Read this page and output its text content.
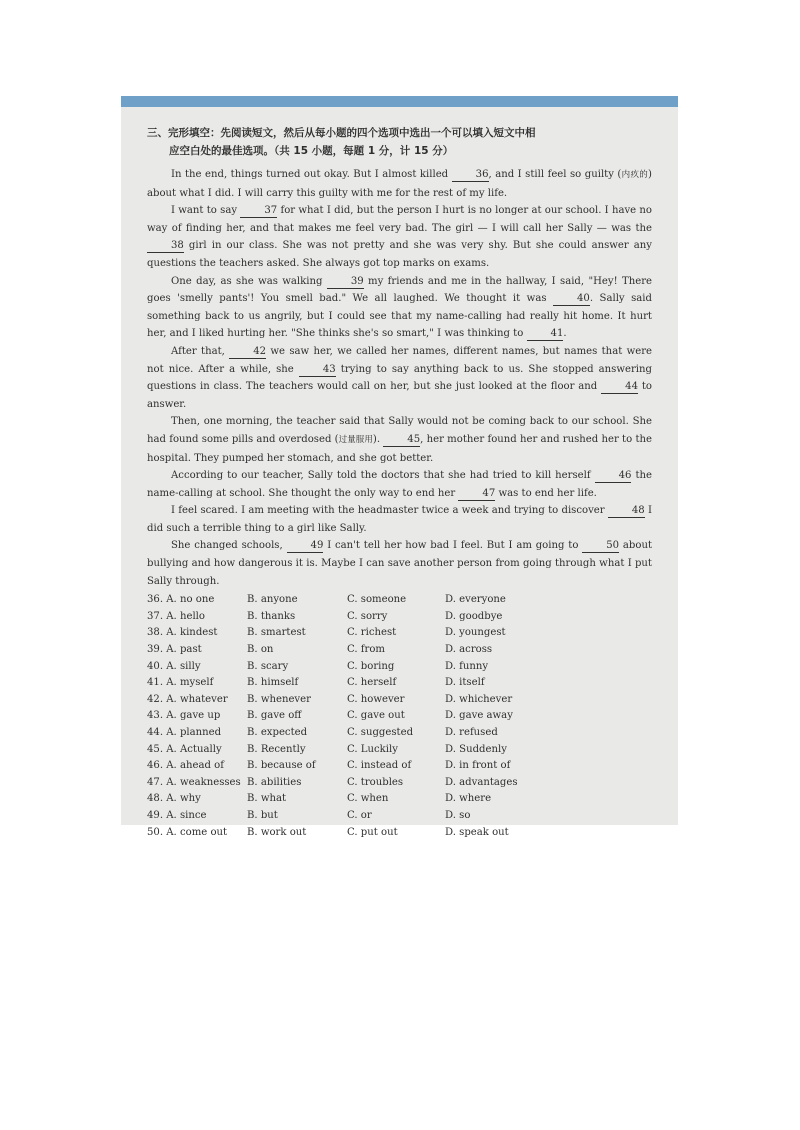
三、完形填空：先阅读短文，然后从每小题的四个选项中选出一个可以填入短文中相
应空白处的最佳选项。（共 15 小题，每题 1 分，计 15 分）

In the end, things turned out okay. But I almost killed 36, and I still feel so guilty (内疚的) about what I did. I will carry this guilty with me for the rest of my life.

I want to say 37 for what I did, but the person I hurt is no longer at our school. I have no way of finding her, and that makes me feel very bad. The girl — I will call her Sally — was the 38 girl in our class. She was not pretty and she was very shy. But she could answer any questions the teachers asked. She always got top marks on exams.

One day, as she was walking 39 my friends and me in the hallway, I said, "Hey! There goes 'smelly pants'! You smell bad." We all laughed. We thought it was 40. Sally said something back to us angrily, but I could see that my name-calling had really hit home. It hurt her, and I liked hurting her. "She thinks she's so smart," I was thinking to 41.

After that, 42 we saw her, we called her names, different names, but names that were not nice. After a while, she 43 trying to say anything back to us. She stopped answering questions in class. The teachers would call on her, but she just looked at the floor and 44 to answer.

Then, one morning, the teacher said that Sally would not be coming back to our school. She had found some pills and overdosed (过量服用). 45, her mother found her and rushed her to the hospital. They pumped her stomach, and she got better.

According to our teacher, Sally told the doctors that she had tried to kill herself 46 the name-calling at school. She thought the only way to end her 47 was to end her life.

I feel scared. I am meeting with the headmaster twice a week and trying to discover 48 I did such a terrible thing to a girl like Sally.

She changed schools, 49 I can't tell her how bad I feel. But I am going to 50 about bullying and how dangerous it is. Maybe I can save another person from going through what I put Sally through.

36. A. no one	B. anyone	C. someone	D. everyone
37. A. hello	B. thanks	C. sorry	D. goodbye
38. A. kindest	B. smartest	C. richest	D. youngest
39. A. past	B. on	C. from	D. across
40. A. silly	B. scary	C. boring	D. funny
41. A. myself	B. himself	C. herself	D. itself
42. A. whatever	B. whenever	C. however	D. whichever
43. A. gave up	B. gave off	C. gave out	D. gave away
44. A. planned	B. expected	C. suggested	D. refused
45. A. Actually	B. Recently	C. Luckily	D. Suddenly
46. A. ahead of	B. because of	C. instead of	D. in front of
47. A. weaknesses	B. abilities	C. troubles	D. advantages
48. A. why	B. what	C. when	D. where
49. A. since	B. but	C. or	D. so
50. A. come out	B. work out	C. put out	D. speak out
